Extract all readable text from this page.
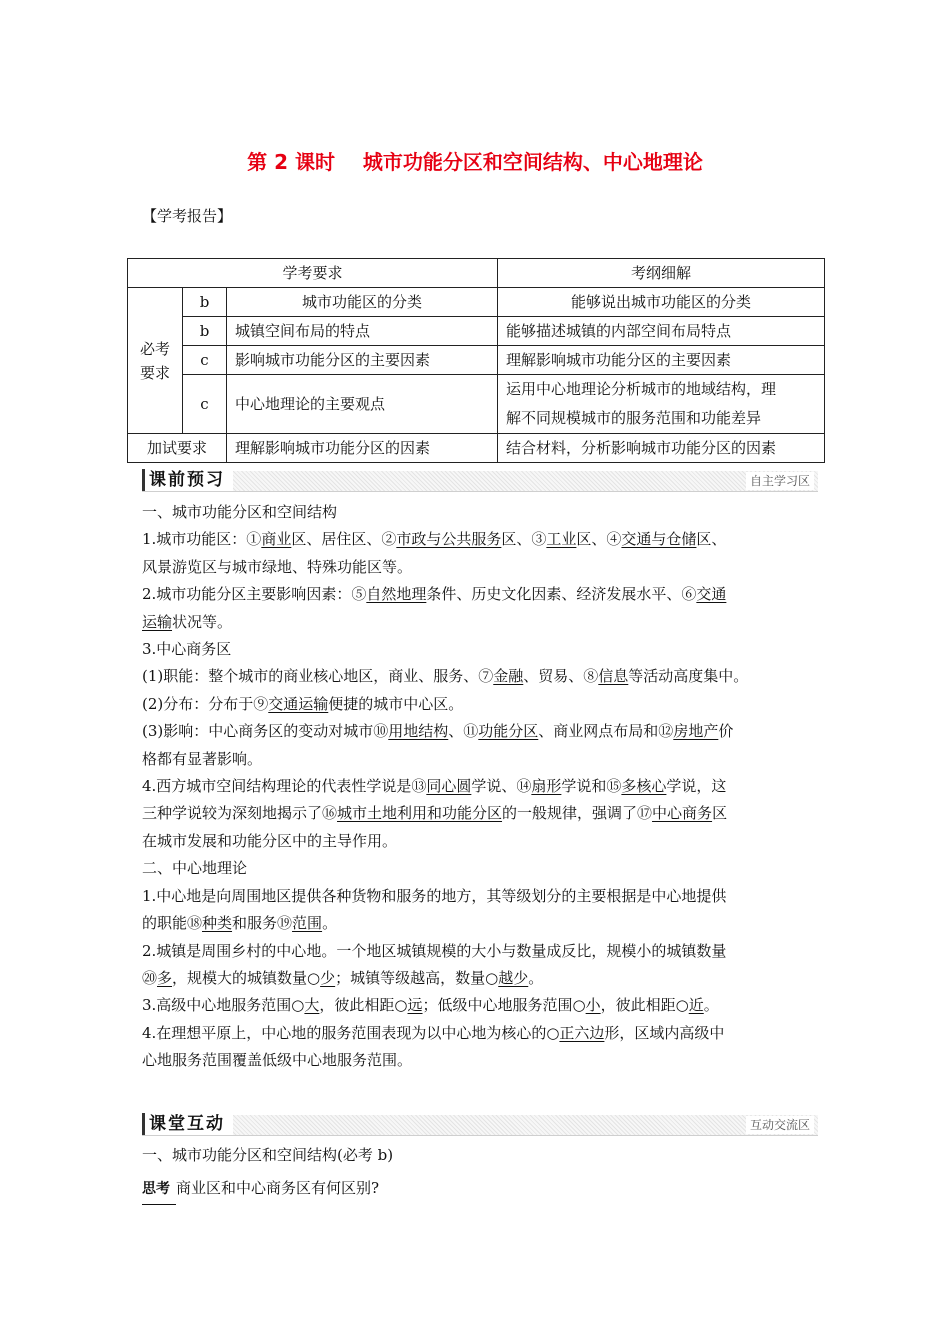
第 2 课时    城市功能分区和空间结构、中心地理论
【学考报告】
学考要求			考纲细解
必考
要求	b	城市功能区的分类	能够说出城市功能区的分类
	b	城镇空间布局的特点	能够描述城镇的内部空间布局特点
	c	影响城市功能分区的主要因素	理解影响城市功能分区的主要因素
	c	中心地理论的主要观点	运用中心地理论分析城市的地域结构，理
解不同规模城市的服务范围和功能差异
加试要求		理解影响城市功能分区的因素	结合材料，分析影响城市功能分区的因素
课前预习	自主学习区

一、城市功能分区和空间结构

1.城市功能区：①商业区、居住区、②市政与公共服务区、③工业区、④交通与仓储区、

风景游览区与城市绿地、特殊功能区等。

2.城市功能分区主要影响因素：⑤自然地理条件、历史文化因素、经济发展水平、⑥交通

运输状况等。

3.中心商务区

(1)职能：整个城市的商业核心地区，商业、服务、⑦金融、贸易、⑧信息等活动高度集中。

(2)分布：分布于⑨交通运输便捷的城市中心区。

(3)影响：中心商务区的变动对城市⑩用地结构、⑪功能分区、商业网点布局和⑫房地产价

格都有显著影响。

4.西方城市空间结构理论的代表性学说是⑬同心圆学说、⑭扇形学说和⑮多核心学说，这

三种学说较为深刻地揭示了⑯城市土地利用和功能分区的一般规律，强调了⑰中心商务区

在城市发展和功能分区中的主导作用。

二、中心地理论

1.中心地是向周围地区提供各种货物和服务的地方，其等级划分的主要根据是中心地提供

的职能⑱种类和服务⑲范围。

2.城镇是周围乡村的中心地。一个地区城镇规模的大小与数量成反比，规模小的城镇数量

⑳多，规模大的城镇数量○少；城镇等级越高，数量○越少。

3.高级中心地服务范围○大，彼此相距○远；低级中心地服务范围○小，彼此相距○近。

4.在理想平原上，中心地的服务范围表现为以中心地为核心的○正六边形，区域内高级中

心地服务范围覆盖低级中心地服务范围。

课堂互动	互动交流区

一、城市功能分区和空间结构(必考 b)

思考 商业区和中心商务区有何区别?
